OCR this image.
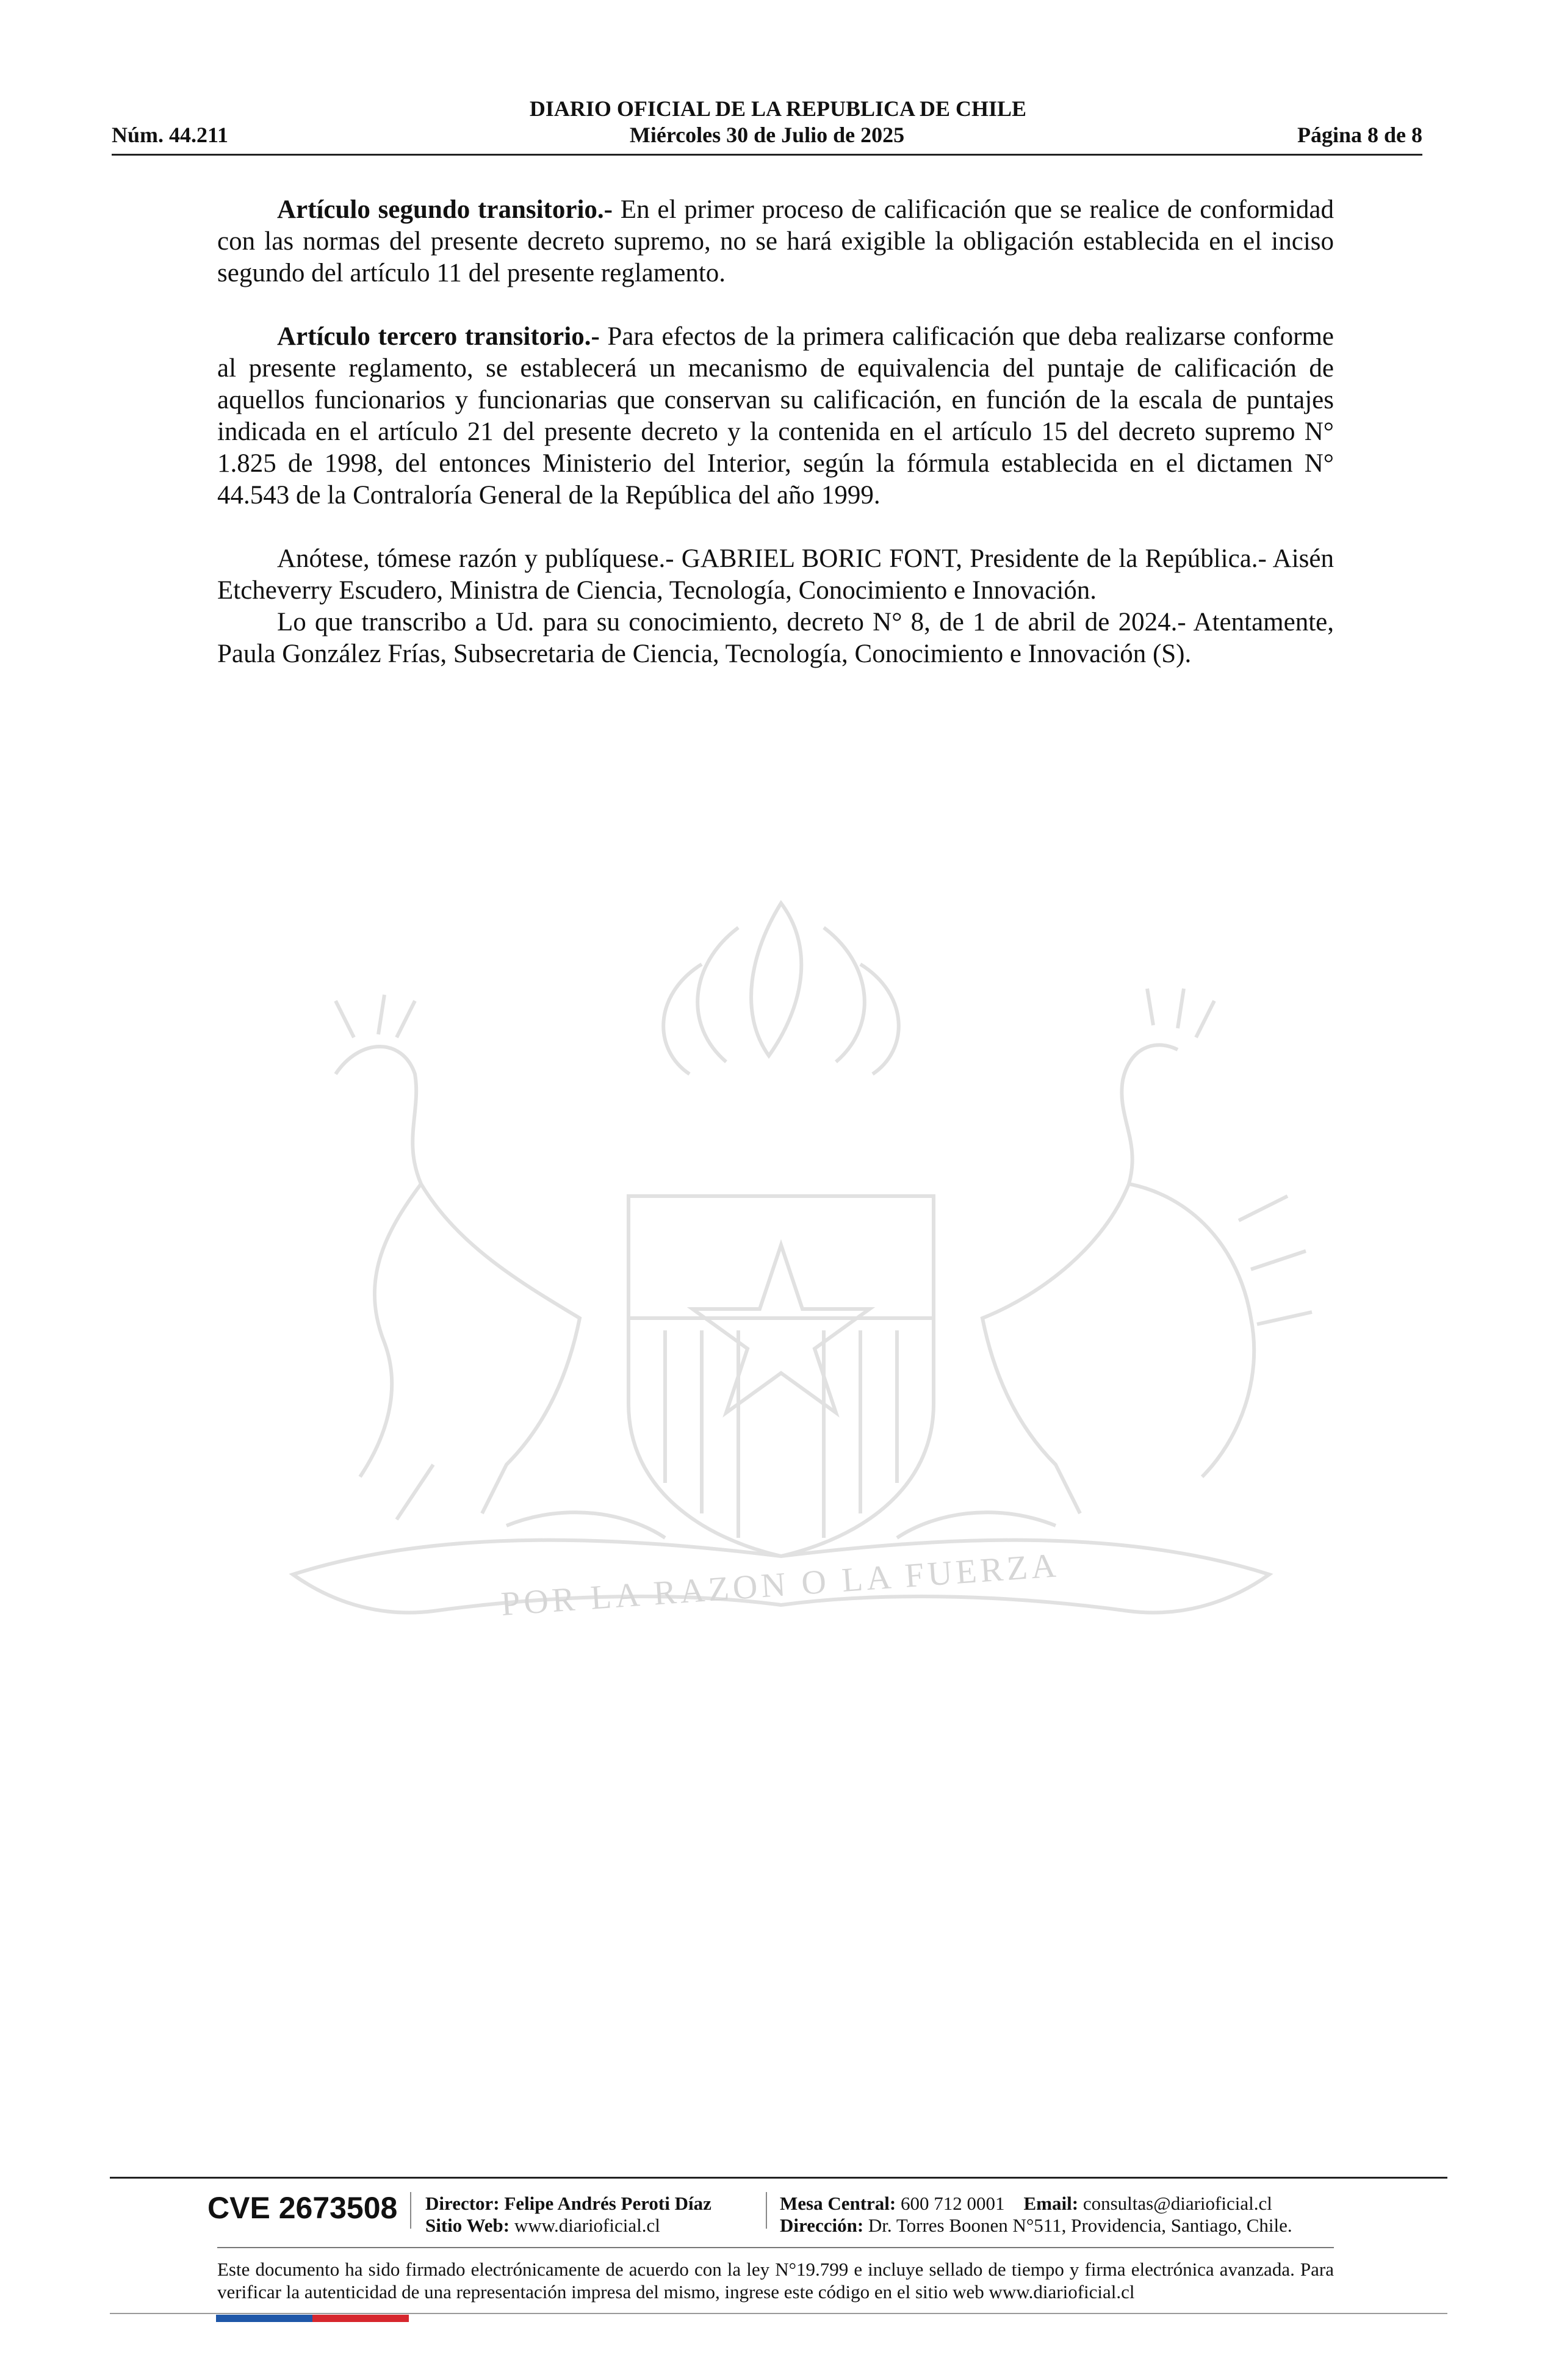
DIARIO OFICIAL DE LA REPUBLICA DE CHILE
Núm. 44.211	Miércoles 30 de Julio de 2025	Página 8 de 8

Artículo segundo transitorio.- En el primer proceso de calificación que se realice de conformidad con las normas del presente decreto supremo, no se hará exigible la obligación establecida en el inciso segundo del artículo 11 del presente reglamento.

Artículo tercero transitorio.- Para efectos de la primera calificación que deba realizarse conforme al presente reglamento, se establecerá un mecanismo de equivalencia del puntaje de calificación de aquellos funcionarios y funcionarias que conservan su calificación, en función de la escala de puntajes indicada en el artículo 21 del presente decreto y la contenida en el artículo 15 del decreto supremo N° 1.825 de 1998, del entonces Ministerio del Interior, según la fórmula establecida en el dictamen N° 44.543 de la Contraloría General de la República del año 1999.

Anótese, tómese razón y publíquese.- GABRIEL BORIC FONT, Presidente de la República.- Aisén Etcheverry Escudero, Ministra de Ciencia, Tecnología, Conocimiento e Innovación.

Lo que transcribo a Ud. para su conocimiento, decreto N° 8, de 1 de abril de 2024.- Atentamente, Paula González Frías, Subsecretaria de Ciencia, Tecnología, Conocimiento e Innovación (S).

POR LA RAZON O LA FUERZA
CVE 2673508 Director: Felipe Andrés Peroti Díaz
Sitio Web: www.diarioficial.cl
Mesa Central: 600 712 0001 Email: consultas@diarioficial.cl
Dirección: Dr. Torres Boonen N°511, Providencia, Santiago, Chile.
Este documento ha sido firmado electrónicamente de acuerdo con la ley N°19.799 e incluye sellado de tiempo y firma electrónica avanzada. Para verificar la autenticidad de una representación impresa del mismo, ingrese este código en el sitio web www.diarioficial.cl
